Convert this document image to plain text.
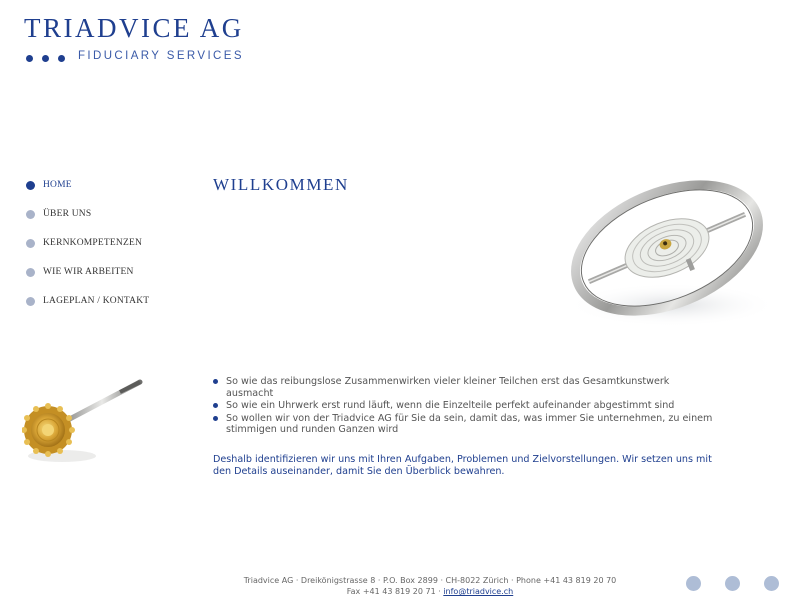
TRIADVICE AG
FIDUCIARY SERVICES
HOME
ÜBER UNS
KERNKOMPETENZEN
WIE WIR ARBEITEN
LAGEPLAN / KONTAKT
WILLKOMMEN
So wie das reibungslose Zusammenwirken vieler kleiner Teilchen erst das Gesamtkunstwerk ausmacht
So wie ein Uhrwerk erst rund läuft, wenn die Einzelteile perfekt aufeinander abgestimmt sind
So wollen wir von der Triadvice AG für Sie da sein, damit das, was immer Sie unternehmen, zu einem stimmigen und runden Ganzen wird

Deshalb identifizieren wir uns mit Ihren Aufgaben, Problemen und Zielvorstellungen. Wir setzen uns mit den Details auseinander, damit Sie den Überblick bewahren.

Triadvice AG · Dreikönigstrasse 8 · P.O. Box 2899 · CH-8022 Zürich · Phone +41 43 819 20 70
Fax +41 43 819 20 71 · info@triadvice.ch
